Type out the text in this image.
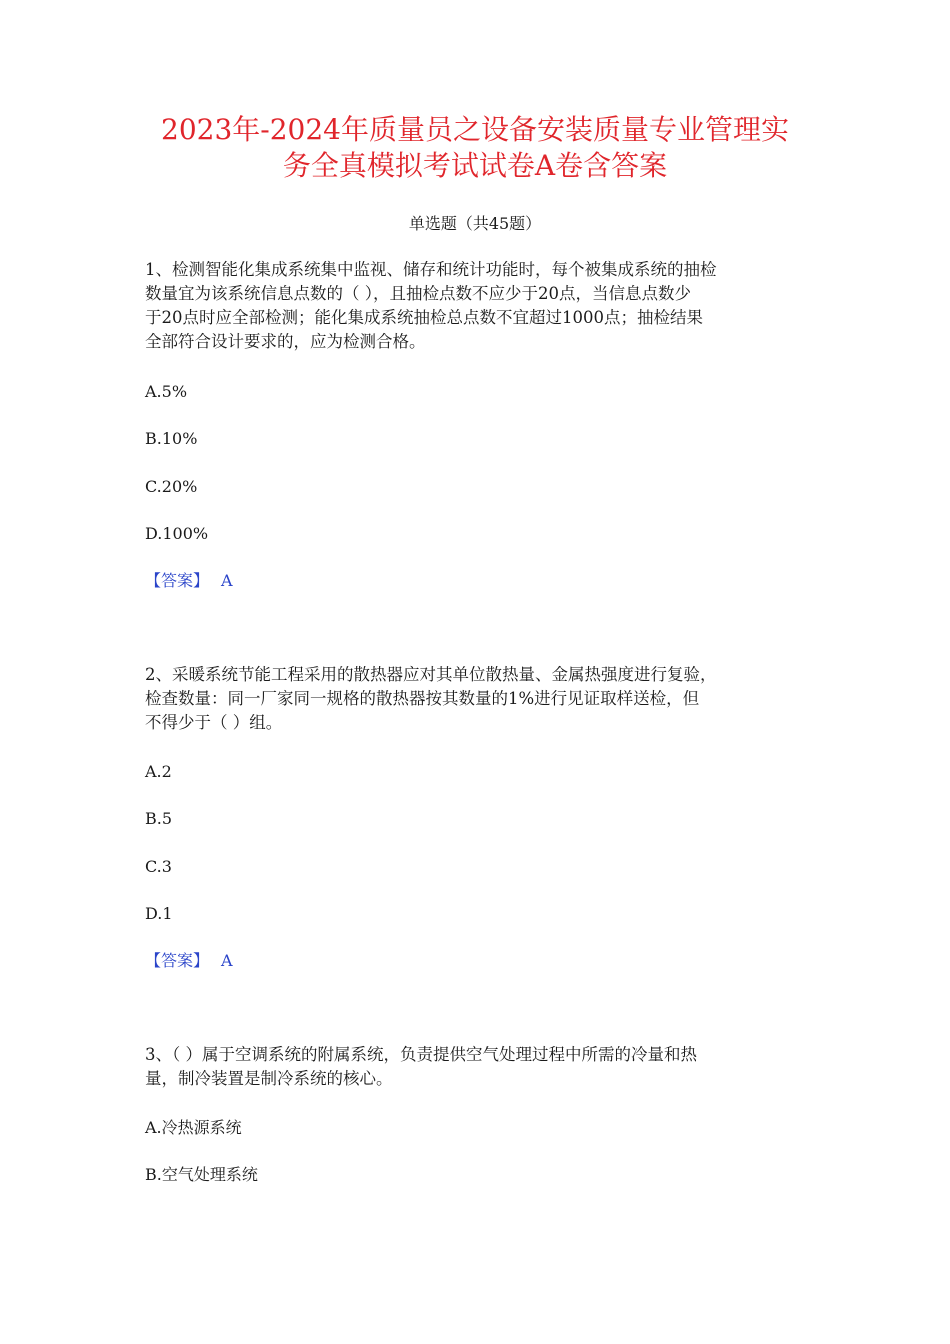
2023年-2024年质量员之设备安装质量专业管理实
务全真模拟考试试卷A卷含答案
单选题（共45题）
1、检测智能化集成系统集中监视、储存和统计功能时，每个被集成系统的抽检
数量宜为该系统信息点数的（ ），且抽检点数不应少于20点，当信息点数少
于20点时应全部检测；能化集成系统抽检总点数不宜超过1000点；抽检结果
全部符合设计要求的，应为检测合格。
A.5%
B.10%
C.20%
D.100%
【答案】 A
2、采暖系统节能工程采用的散热器应对其单位散热量、金属热强度进行复验，
检查数量：同一厂家同一规格的散热器按其数量的1%进行见证取样送检，但
不得少于（ ）组。
A.2
B.5
C.3
D.1
【答案】 A
3、（ ）属于空调系统的附属系统，负责提供空气处理过程中所需的冷量和热
量，制冷装置是制冷系统的核心。
A.冷热源系统
B.空气处理系统
